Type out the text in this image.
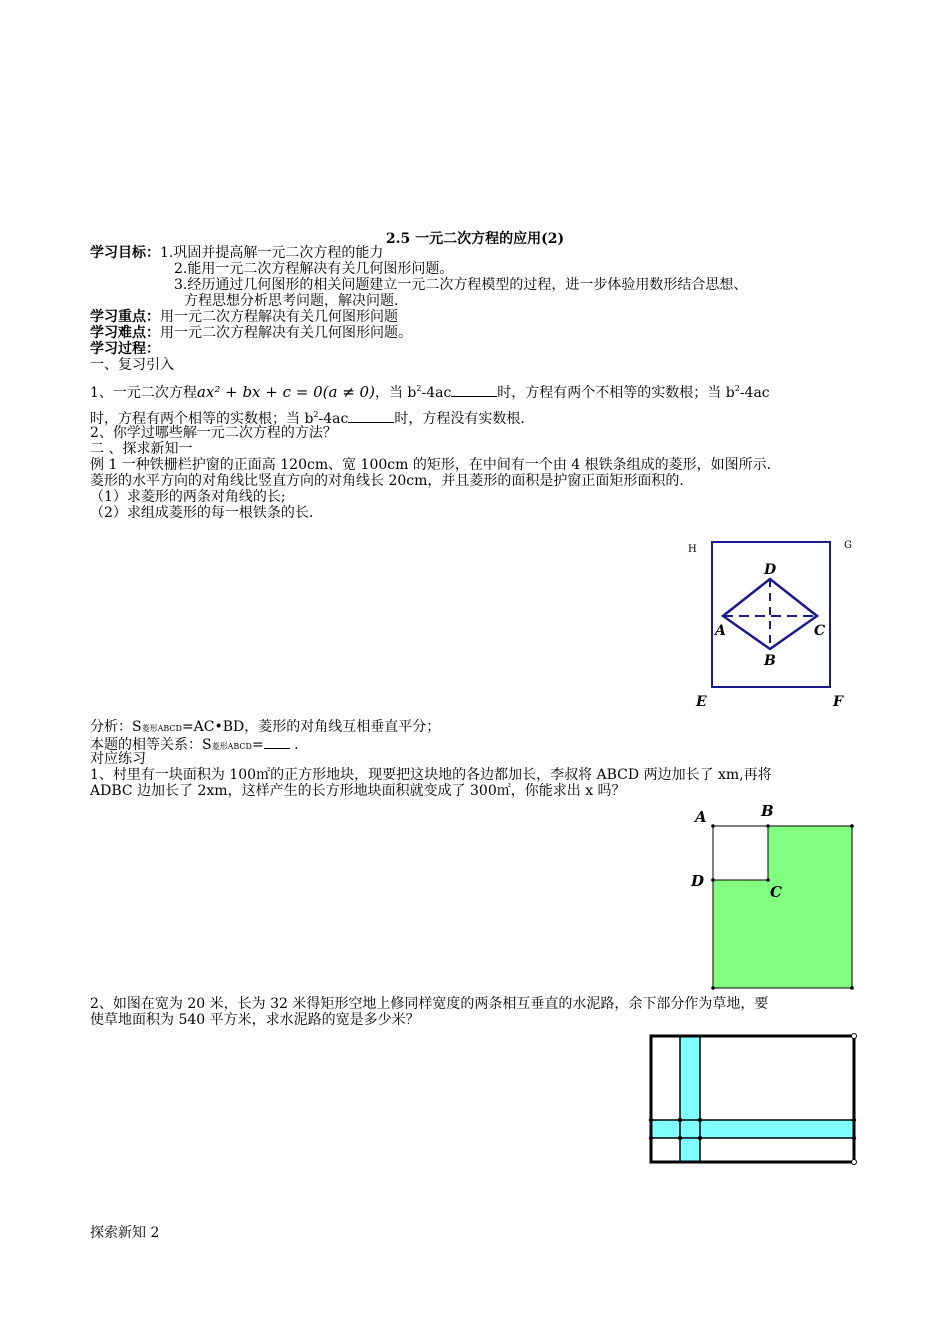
2.5 一元二次方程的应用(2)
学习目标：1.巩固并提高解一元二次方程的能力
2.能用一元二次方程解决有关几何图形问题。
3.经历通过几何图形的相关问题建立一元二次方程模型的过程，进一步体验用数形结合思想、
方程思想分析思考问题，解决问题.
学习重点：用一元二次方程解决有关几何图形问题
学习难点：用一元二次方程解决有关几何图形问题。
学习过程：
一、复习引入
1、一元二次方程ax² + bx + c = 0(a ≠ 0)，当 $b^2-4ac$	时，方程有两个不相等的实数根；当 $b^2-4ac$
时，方程有两个相等的实数根；当 $b^2-4ac$	时，方程没有实数根.
2、你学过哪些解一元二次方程的方法？
二 、探求新知一
例 1 一种铁栅栏护窗的正面高 120cm、宽 100cm 的矩形，在中间有一个由 4 根铁条组成的菱形，如图所示.
菱形的水平方向的对角线比竖直方向的对角线长 20cm，并且菱形的面积是护窗正面矩形面积的.
（1）求菱形的两条对角线的长;
（2）求组成菱形的每一根铁条的长.
H	G
D
A	C
B
E	F
分析：S菱形ABCD=AC•BD，菱形的对角线互相垂直平分；
本题的相等关系：S菱形ABCD= .
对应练习
1、村里有一块面积为 100㎡的正方形地块，现要把这块地的各边都加长，李叔将 ABCD 两边加长了 xm,再将
ADBC 边加长了 2xm，这样产生的长方形地块面积就变成了 300㎡，你能求出 x 吗？
A	B
D
C
2、如图在宽为 20 米，长为 32 米得矩形空地上修同样宽度的两条相互垂直的水泥路，余下部分作为草地，要
使草地面积为 540 平方米，求水泥路的宽是多少米？
探索新知 2
